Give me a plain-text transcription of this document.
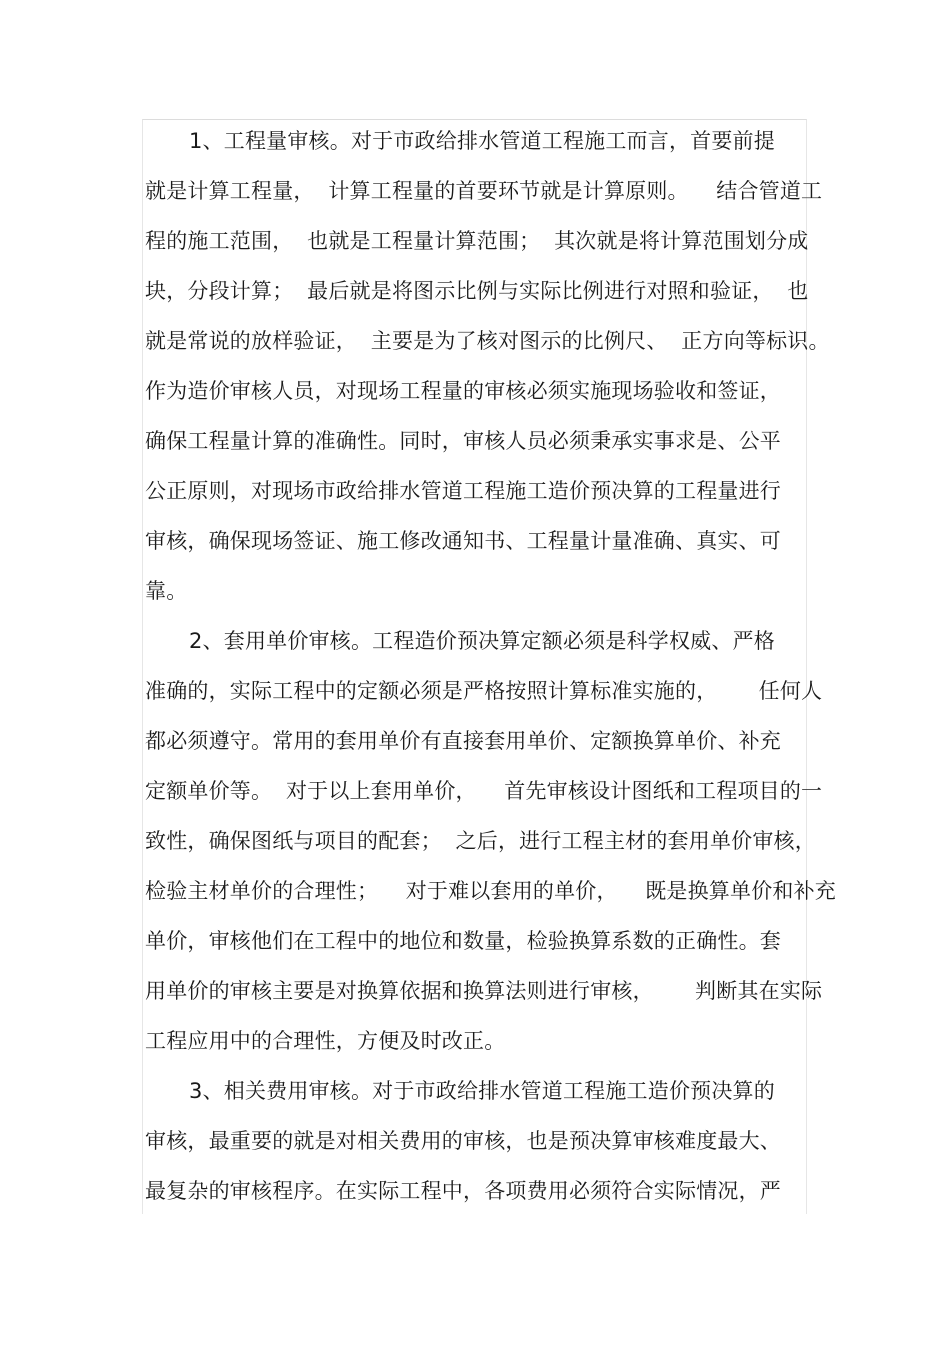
1、工程量审核。对于市政给排水管道工程施工而言，首要前提
就是计算工程量，  计算工程量的首要环节就是计算原则。    结合管道工
程的施工范围，  也就是工程量计算范围；  其次就是将计算范围划分成
块，分段计算；  最后就是将图示比例与实际比例进行对照和验证，  也
就是常说的放样验证，  主要是为了核对图示的比例尺、  正方向等标识。
作为造价审核人员，对现场工程量的审核必须实施现场验收和签证，
确保工程量计算的准确性。同时，审核人员必须秉承实事求是、公平
公正原则，对现场市政给排水管道工程施工造价预决算的工程量进行
审核，确保现场签证、施工修改通知书、工程量计量准确、真实、可
靠。
2、套用单价审核。工程造价预决算定额必须是科学权威、严格
准确的，实际工程中的定额必须是严格按照计算标准实施的，      任何人
都必须遵守。常用的套用单价有直接套用单价、定额换算单价、补充
定额单价等。  对于以上套用单价，    首先审核设计图纸和工程项目的一
致性，确保图纸与项目的配套；  之后，进行工程主材的套用单价审核，
检验主材单价的合理性；    对于难以套用的单价，    既是换算单价和补充
单价，审核他们在工程中的地位和数量，检验换算系数的正确性。套
用单价的审核主要是对换算依据和换算法则进行审核，      判断其在实际
工程应用中的合理性，方便及时改正。
3、相关费用审核。对于市政给排水管道工程施工造价预决算的
审核，最重要的就是对相关费用的审核，也是预决算审核难度最大、
最复杂的审核程序。在实际工程中，各项费用必须符合实际情况，严
